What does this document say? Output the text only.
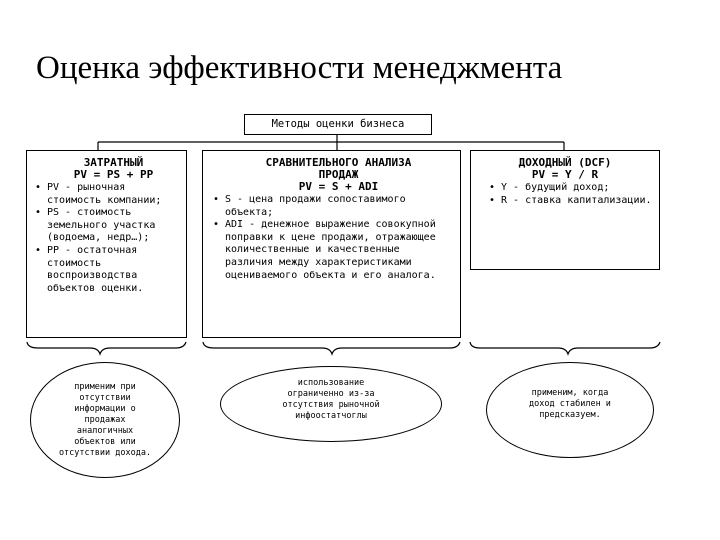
Оценка эффективности менеджмента
Методы оценки бизнеса
ЗАТРАТНЫЙ
PV = PS + PP
• PV - рыночная стоимость компании;
• PS - стоимость земельного участка (водоема, недр…);
• PP - остаточная стоимость воспроизводства объектов оценки.
СРАВНИТЕЛЬНОГО АНАЛИЗА
ПРОДАЖ
PV = S + ADI
• S - цена продажи сопоставимого объекта;
• ADI - денежное выражение совокупной поправки к цене продажи, отражающее количественные и качественные различия между характеристиками оцениваемого объекта и его аналога.
ДОХОДНЫЙ (DCF)
PV = Y / R
• Y - будущий доход;
• R - ставка капитализации.
применим при
отсутствии
информации о
продажах
аналогичных
объектов или
отсутствии дохода.
использование
ограниченно из-за
отсутствия рыночной
инфоостатчоглы
применим, когда
доход стабилен и
предсказуем.
